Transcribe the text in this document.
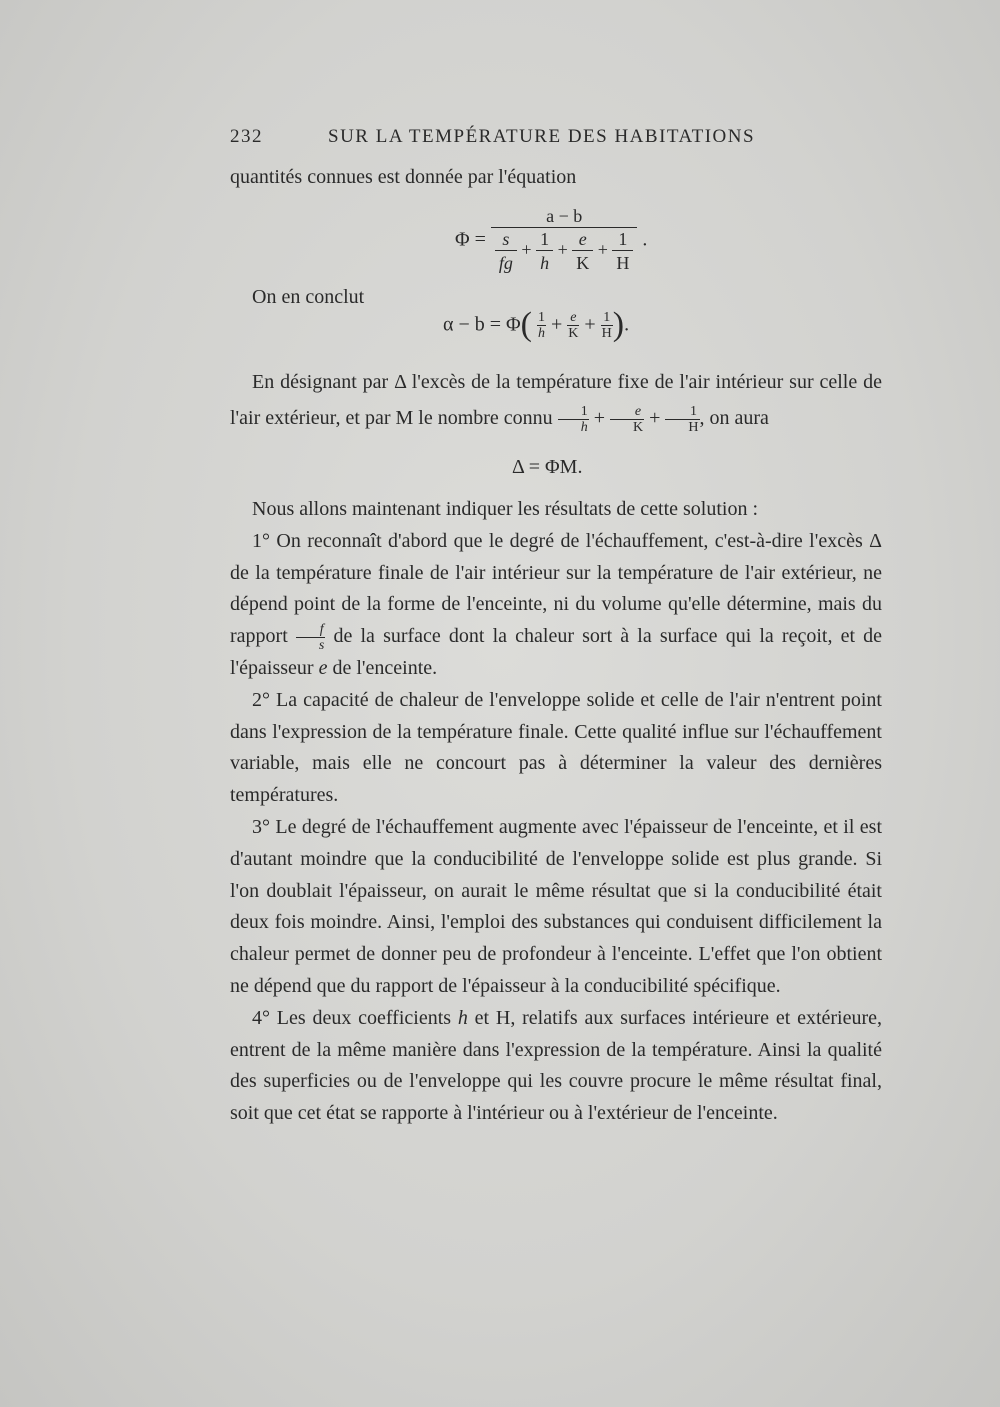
232	SUR LA TEMPÉRATURE DES HABITATIONS

quantités connues est donnée par l'équation

Φ =
a − b
$\frac{s}{fg} + \frac{1}{h} + \frac{e}{K} + \frac{1}{H}$ .

On en conclut

$\alpha - b = \Phi( \frac{1}{h} + \frac{e}{K} + \frac{1}{H}$ ).

En désignant par Δ l'excès de la température fixe de l'air intérieur sur celle de l'air extérieur, et par M le nombre connu $\frac{1}{h} + \frac{e}{K} + \frac{1}{H}$ , on aura

Δ = ΦM.

Nous allons maintenant indiquer les résultats de cette solution :

1° On reconnaît d'abord que le degré de l'échauffement, c'est-à-dire l'excès Δ de la température finale de l'air intérieur sur la température de l'air extérieur, ne dépend point de la forme de l'enceinte, ni du volume qu'elle détermine, mais du rapport $\frac{f}{s}$ de la surface dont la chaleur sort à la surface qui la reçoit, et de l'épaisseur e de l'enceinte.

2° La capacité de chaleur de l'enveloppe solide et celle de l'air n'entrent point dans l'expression de la température finale. Cette qualité influe sur l'échauffement variable, mais elle ne concourt pas à déterminer la valeur des dernières températures.

3° Le degré de l'échauffement augmente avec l'épaisseur de l'enceinte, et il est d'autant moindre que la conducibilité de l'enveloppe solide est plus grande. Si l'on doublait l'épaisseur, on aurait le même résultat que si la conducibilité était deux fois moindre. Ainsi, l'emploi des substances qui conduisent difficilement la chaleur permet de donner peu de profondeur à l'enceinte. L'effet que l'on obtient ne dépend que du rapport de l'épaisseur à la conducibilité spécifique.

4° Les deux coefficients h et H, relatifs aux surfaces intérieure et extérieure, entrent de la même manière dans l'expression de la température. Ainsi la qualité des superficies ou de l'enveloppe qui les couvre procure le même résultat final, soit que cet état se rapporte à l'intérieur ou à l'extérieur de l'enceinte.
